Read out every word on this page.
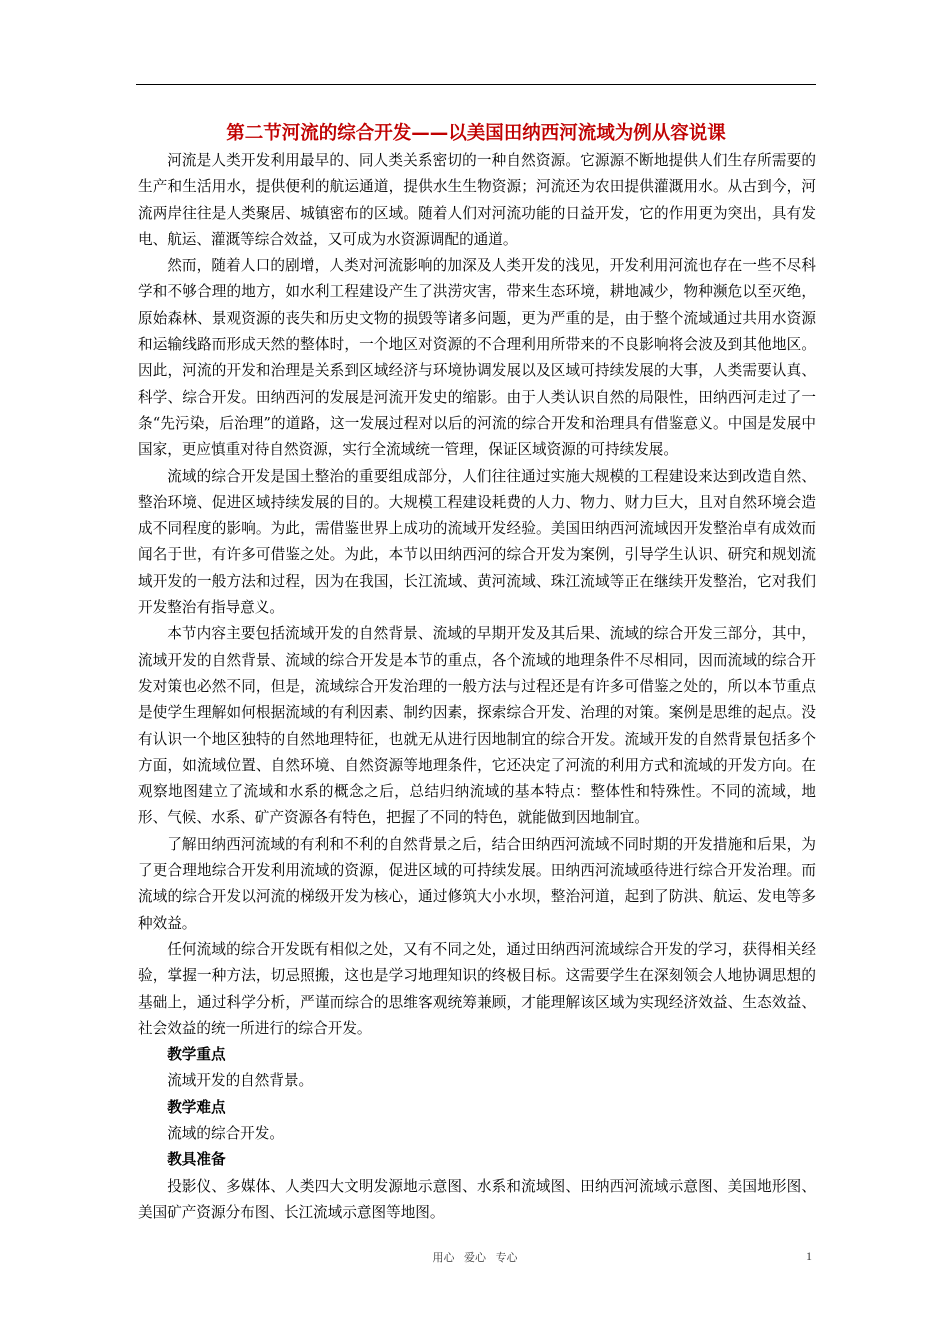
第二节河流的综合开发——以美国田纳西河流域为例从容说课

河流是人类开发利用最早的、同人类关系密切的一种自然资源。它源源不断地提供人们生存所需要的生产和生活用水，提供便利的航运通道，提供水生生物资源；河流还为农田提供灌溉用水。从古到今，河流两岸往往是人类聚居、城镇密布的区域。随着人们对河流功能的日益开发，它的作用更为突出，具有发电、航运、灌溉等综合效益，又可成为水资源调配的通道。

然而，随着人口的剧增，人类对河流影响的加深及人类开发的浅见，开发利用河流也存在一些不尽科学和不够合理的地方，如水利工程建设产生了洪涝灾害，带来生态环境，耕地减少，物种濒危以至灭绝，原始森林、景观资源的丧失和历史文物的损毁等诸多问题，更为严重的是，由于整个流域通过共用水资源和运输线路而形成天然的整体时，一个地区对资源的不合理利用所带来的不良影响将会波及到其他地区。因此，河流的开发和治理是关系到区域经济与环境协调发展以及区域可持续发展的大事，人类需要认真、科学、综合开发。田纳西河的发展是河流开发史的缩影。由于人类认识自然的局限性，田纳西河走过了一条“先污染，后治理”的道路，这一发展过程对以后的河流的综合开发和治理具有借鉴意义。中国是发展中国家，更应慎重对待自然资源，实行全流域统一管理，保证区域资源的可持续发展。

流域的综合开发是国土整治的重要组成部分，人们往往通过实施大规模的工程建设来达到改造自然、整治环境、促进区域持续发展的目的。大规模工程建设耗费的人力、物力、财力巨大，且对自然环境会造成不同程度的影响。为此，需借鉴世界上成功的流域开发经验。美国田纳西河流域因开发整治卓有成效而闻名于世，有许多可借鉴之处。为此，本节以田纳西河的综合开发为案例，引导学生认识、研究和规划流域开发的一般方法和过程，因为在我国，长江流域、黄河流域、珠江流域等正在继续开发整治，它对我们开发整治有指导意义。

本节内容主要包括流域开发的自然背景、流域的早期开发及其后果、流域的综合开发三部分，其中，流域开发的自然背景、流域的综合开发是本节的重点，各个流域的地理条件不尽相同，因而流域的综合开发对策也必然不同，但是，流域综合开发治理的一般方法与过程还是有许多可借鉴之处的，所以本节重点是使学生理解如何根据流域的有利因素、制约因素，探索综合开发、治理的对策。案例是思维的起点。没有认识一个地区独特的自然地理特征，也就无从进行因地制宜的综合开发。流域开发的自然背景包括多个方面，如流域位置、自然环境、自然资源等地理条件，它还决定了河流的利用方式和流域的开发方向。在观察地图建立了流域和水系的概念之后，总结归纳流域的基本特点：整体性和特殊性。不同的流域，地形、气候、水系、矿产资源各有特色，把握了不同的特色，就能做到因地制宜。

了解田纳西河流域的有利和不利的自然背景之后，结合田纳西河流域不同时期的开发措施和后果，为了更合理地综合开发利用流域的资源，促进区域的可持续发展。田纳西河流域亟待进行综合开发治理。而流域的综合开发以河流的梯级开发为核心，通过修筑大小水坝，整治河道，起到了防洪、航运、发电等多种效益。

任何流域的综合开发既有相似之处，又有不同之处，通过田纳西河流域综合开发的学习，获得相关经验，掌握一种方法，切忌照搬，这也是学习地理知识的终极目标。这需要学生在深刻领会人地协调思想的基础上，通过科学分析，严谨而综合的思维客观统筹兼顾，才能理解该区域为实现经济效益、生态效益、社会效益的统一所进行的综合开发。

教学重点

流域开发的自然背景。

教学难点

流域的综合开发。

教具准备

投影仪、多媒体、人类四大文明发源地示意图、水系和流域图、田纳西河流域示意图、美国地形图、美国矿产资源分布图、长江流域示意图等地图。

用心 爱心 专心	1
